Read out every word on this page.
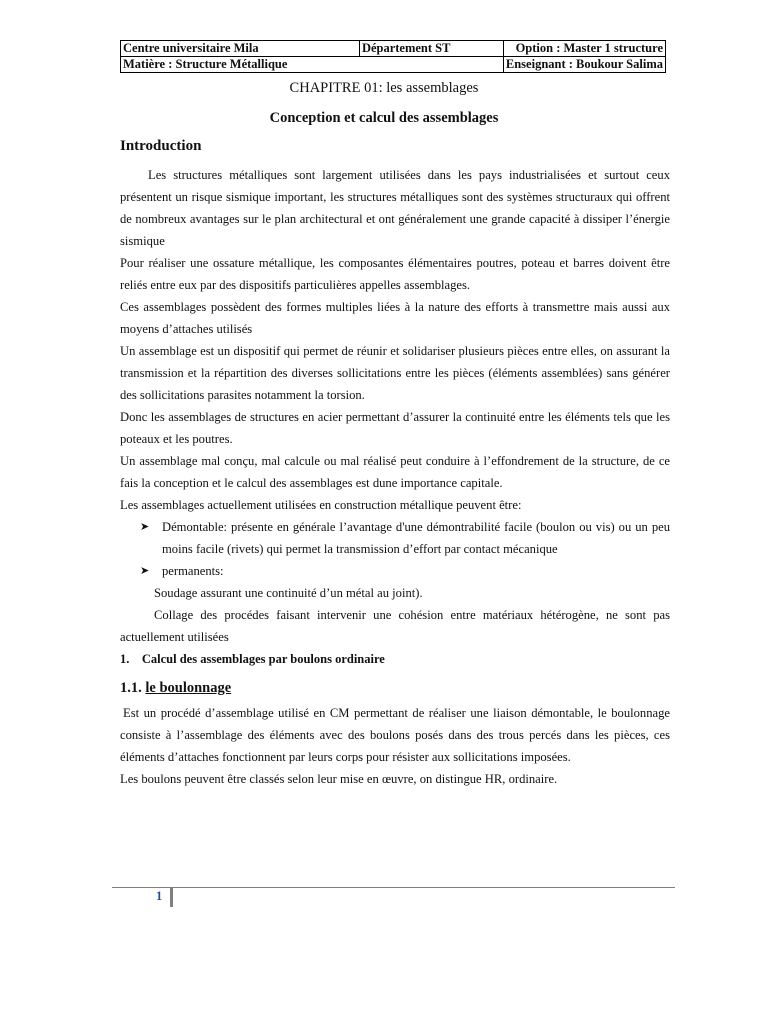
Centre universitaire Mila	Département ST	Option : Master 1 structure
Matière : Structure Métallique		Enseignant : Boukour Salima
CHAPITRE 01: les assemblages
Conception et calcul des assemblages
Introduction

Les structures métalliques sont largement utilisées dans les pays industrialisées et surtout ceux présentent un risque sismique important, les structures métalliques sont des systèmes structuraux qui offrent de nombreux avantages sur le plan architectural et ont généralement une grande capacité à dissiper l’énergie sismique

Pour réaliser une ossature métallique, les composantes élémentaires poutres, poteau et barres doivent être reliés entre eux par des dispositifs particulières appelles assemblages.

Ces assemblages possèdent des formes multiples liées à la nature des efforts à transmettre mais aussi aux moyens d’attaches utilisés

Un assemblage est un dispositif qui permet de réunir et solidariser plusieurs pièces entre elles, on assurant la transmission et la répartition des diverses sollicitations entre les pièces (éléments assemblées) sans générer des sollicitations parasites notamment la torsion.

Donc les assemblages de structures en acier permettant d’assurer la continuité entre les éléments tels que les poteaux et les poutres.

Un assemblage mal conçu, mal calcule ou mal réalisé peut conduire à l’effondrement de la structure, de ce fais la conception et le calcul des assemblages est dune importance capitale.

Les assemblages actuellement utilisées en construction métallique peuvent être:

➤ Démontable: présente en générale l’avantage d'une démontrabilité facile (boulon ou vis) ou un peu moins facile (rivets) qui permet la transmission d’effort par contact mécanique
➤ permanents:

Soudage assurant une continuité d’un métal au joint).

Collage des procédes faisant intervenir une cohésion entre matériaux hétérogène, ne sont pas actuellement utilisées

1. Calcul des assemblages par boulons ordinaire
1.1. le boulonnage

Est un procédé d’assemblage utilisé en CM permettant de réaliser une liaison démontable, le boulonnage consiste à l’assemblage des éléments avec des boulons posés dans des trous percés dans les pièces, ces éléments d’attaches fonctionnent par leurs corps pour résister aux sollicitations imposées.

Les boulons peuvent être classés selon leur mise en œuvre, on distingue HR, ordinaire.

1
